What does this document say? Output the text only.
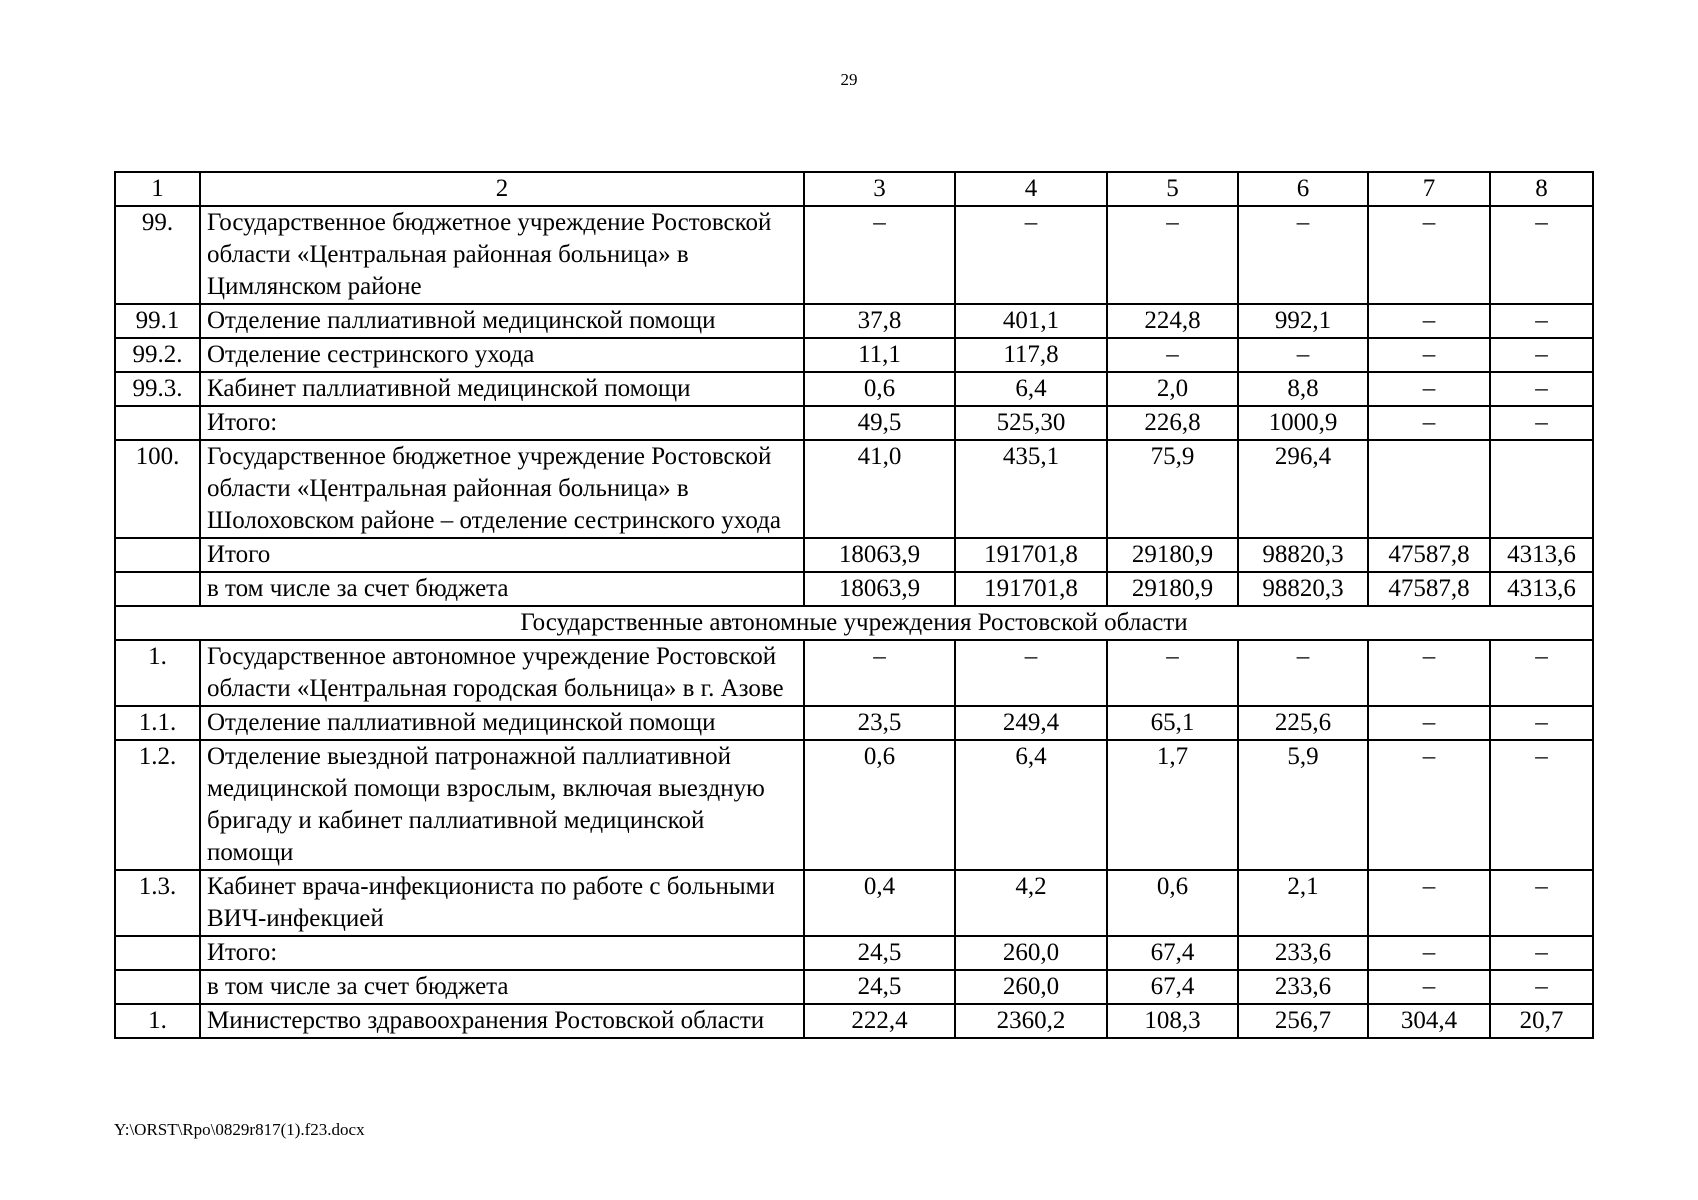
29
1	2	3	4	5	6	7	8
99.	Государственное бюджетное учреждение Ростовской области «Центральная районная больница» в Цимлянском районе	–	–	–	–	–	–
99.1	Отделение паллиативной медицинской помощи	37,8	401,1	224,8	992,1	–	–
99.2.	Отделение сестринского ухода	11,1	117,8	–	–	–	–
99.3.	Кабинет паллиативной медицинской помощи	0,6	6,4	2,0	8,8	–	–
	Итого:	49,5	525,30	226,8	1000,9	–	–
100.	Государственное бюджетное учреждение Ростовской области «Центральная районная больница» в Шолоховском районе – отделение сестринского ухода	41,0	435,1	75,9	296,4		
	Итого	18063,9	191701,8	29180,9	98820,3	47587,8	4313,6
	в том числе за счет бюджета	18063,9	191701,8	29180,9	98820,3	47587,8	4313,6
Государственные автономные учреждения Ростовской области							
1.	Государственное автономное учреждение Ростовской области «Центральная городская больница» в г. Азове	–	–	–	–	–	–
1.1.	Отделение паллиативной медицинской помощи	23,5	249,4	65,1	225,6	–	–
1.2.	Отделение выездной патронажной паллиативной медицинской помощи взрослым, включая выездную бригаду и кабинет паллиативной медицинской помощи	0,6	6,4	1,7	5,9	–	–
1.3.	Кабинет врача-инфекциониста по работе с больными ВИЧ-инфекцией	0,4	4,2	0,6	2,1	–	–
	Итого:	24,5	260,0	67,4	233,6	–	–
	в том числе за счет бюджета	24,5	260,0	67,4	233,6	–	–
1.	Министерство здравоохранения Ростовской области	222,4	2360,2	108,3	256,7	304,4	20,7
Y:\ORST\Rpo\0829r817(1).f23.docx
